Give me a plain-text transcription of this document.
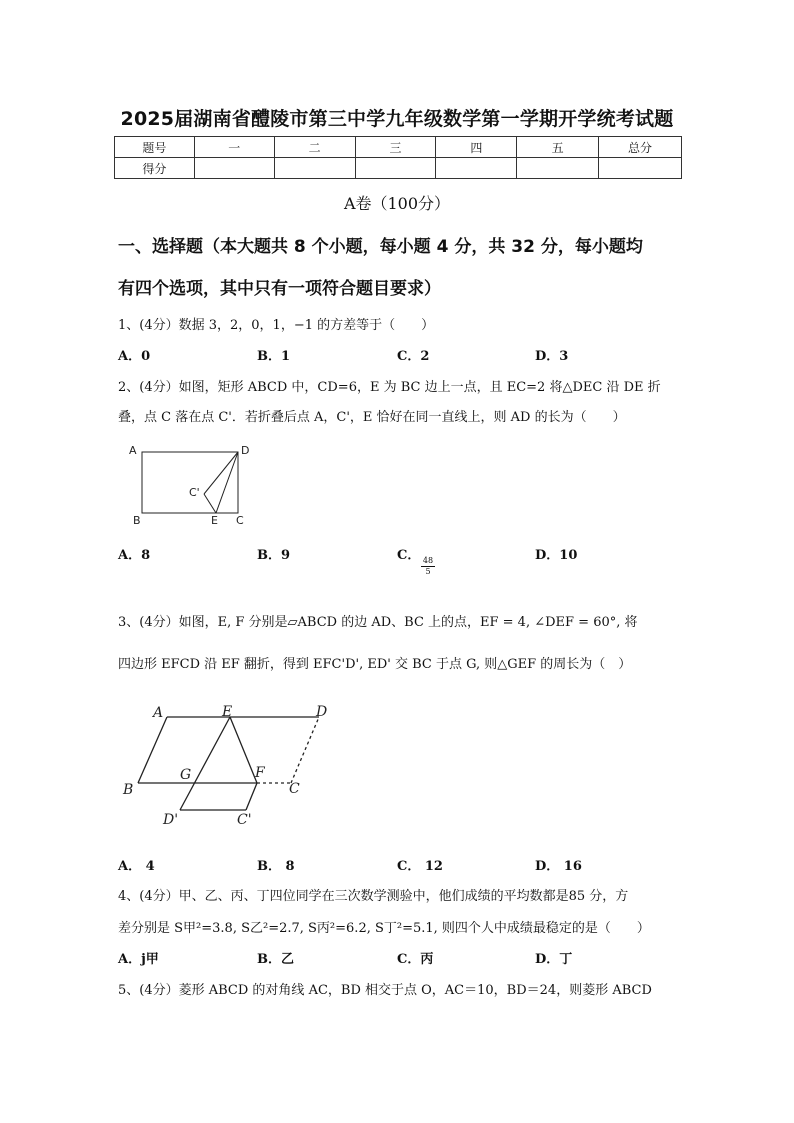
2025届湖南省醴陵市第三中学九年级数学第一学期开学统考试题
题号	一	二	三	四	五	总分
得分						
A卷（100分）
一、选择题（本大题共 8 个小题，每小题 4 分，共 32 分，每小题均
有四个选项，其中只有一项符合题目要求）
1、(4分）数据 3，2，0，1，−1 的方差等于（　　）
A．0	B．1	C．2	D．3
2、(4分）如图，矩形 ABCD 中，CD=6，E 为 BC 边上一点，且 EC=2 将△DEC 沿 DE 折
叠，点 C 落在点 C'．若折叠后点 A，C'，E 恰好在同一直线上，则 AD 的长为（　　）
A	D
C'
B	E C
A．8	B．9	C．
$\frac{48}{5}$
D．10
3、(4分）如图，E, F 分别是▱ABCD 的边 AD、BC 上的点，EF = 4, ∠DEF = 60°, 将
四边形 EFCD 沿 EF 翻折，得到 EFC'D', ED' 交 BC 于点 G, 则△GEF 的周长为（　）
A	E	D
B
G	F
C
D'	C'
A． 4	B． 8	C． 12	D． 16
4、(4分）甲、乙、丙、丁四位同学在三次数学测验中，他们成绩的平均数都是85 分，方
差分别是 S甲²=3.8, S乙²=2.7, S丙²=6.2, S丁²=5.1, 则四个人中成绩最稳定的是（　　）
A．j甲	B．乙	C．丙	D．丁
5、(4分）菱形 ABCD 的对角线 AC，BD 相交于点 O，AC＝10，BD＝24，则菱形 ABCD
